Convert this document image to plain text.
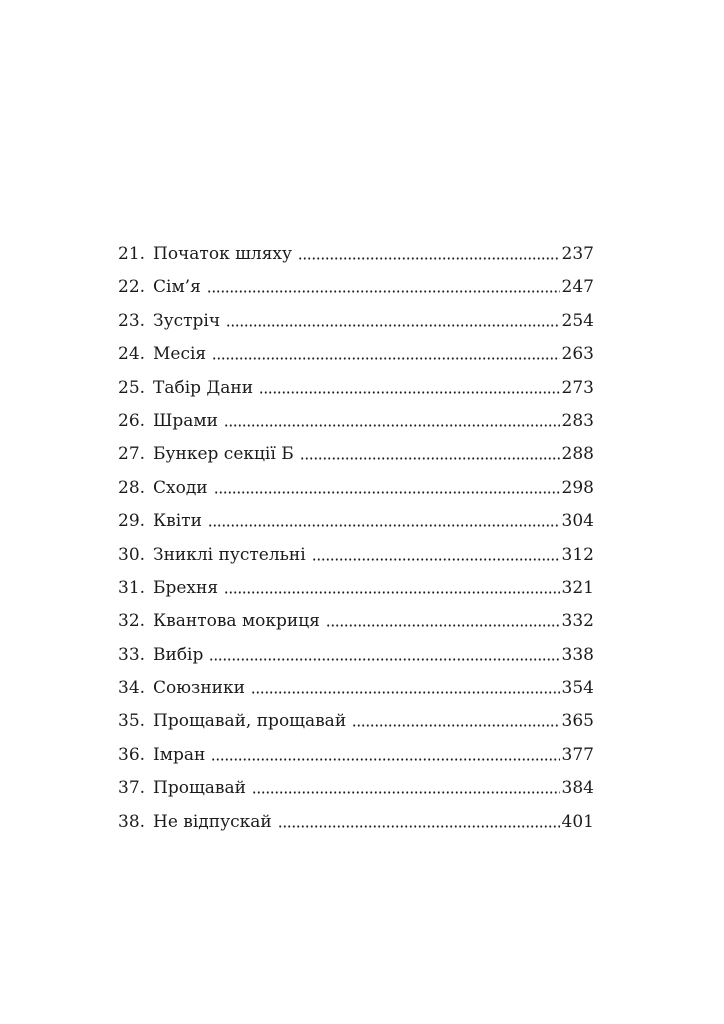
21. Початок шляху	237
22. Сім’я	247
23. Зустріч	254
24. Месія	263
25. Табір Дани	273
26. Шрами	283
27. Бункер секції Б	288
28. Сходи	298
29. Квіти	304
30. Зниклі пустельні	312
31. Брехня	321
32. Квантова мокриця	332
33. Вибір	338
34. Союзники	354
35. Прощавай, прощавай	365
36. Імран	377
37. Прощавай	384
38. Не відпускай	401
